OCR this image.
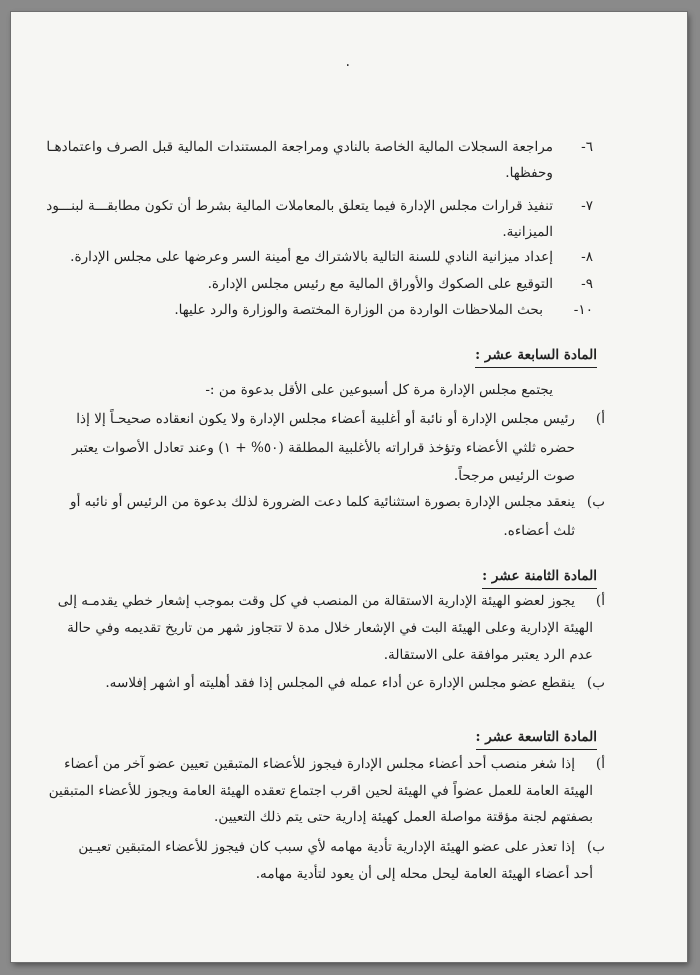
٠
٦-
مراجعة السجلات المالية الخاصة بالنادي ومراجعة المستندات المالية قبل الصرف واعتمادهـا
وحفظها.
٧-
تنفيذ قرارات مجلس الإدارة فيما يتعلق بالمعاملات المالية بشرط أن تكون مطابقـــة لبنـــود
الميزانية.
٨-
إعداد ميزانية النادي للسنة التالية بالاشتراك مع أمينة السر وعرضها على مجلس الإدارة.
٩-
التوقيع على الصكوك والأوراق المالية مع رئيس مجلس الإدارة.
١٠-
بحث الملاحظات الواردة من الوزارة المختصة والوزارة والرد عليها.
المادة السابعة عشر :
يجتمع مجلس الإدارة مرة كل أسبوعين على الأقل بدعوة من :-
أ)
رئيس مجلس الإدارة أو نائبة أو أغلبية أعضاء مجلس الإدارة ولا يكون انعقاده صحيحـاً إلا إذا
حضره ثلثي الأعضاء وتؤخذ قراراته بالأغلبية المطلقة (٥٠% + ١) وعند تعادل الأصوات يعتبر
صوت الرئيس مرجحاً.
ب)
ينعقد مجلس الإدارة بصورة استثنائية كلما دعت الضرورة لذلك بدعوة من الرئيس أو نائبه أو
ثلث أعضاءه.
المادة الثامنة عشر :
أ)
يجوز لعضو الهيئة الإدارية الاستقالة من المنصب في كل وقت بموجب إشعار خطي يقدمـه إلى
الهيئة الإدارية وعلى الهيئة البت في الإشعار خلال مدة لا تتجاوز شهر من تاريخ تقديمه وفي حالة
عدم الرد يعتبر موافقة على الاستقالة.
ب)
ينقطع عضو مجلس الإدارة عن أداء عمله في المجلس إذا فقد أهليته أو اشهر إفلاسه.
المادة التاسعة عشر :
أ)
إذا شغر منصب أحد أعضاء مجلس الإدارة فيجوز للأعضاء المتبقين تعيين عضو آخر من أعضاء
الهيئة العامة للعمل عضواً في الهيئة لحين اقرب اجتماع تعقده الهيئة العامة ويجوز للأعضاء المتبقين
بصفتهم لجنة مؤقتة مواصلة العمل كهيئة إدارية حتى يتم ذلك التعيين.
ب)
إذا تعذر على عضو الهيئة الإدارية تأدية مهامه لأي سبب كان فيجوز للأعضاء المتبقين تعيـين
أحد أعضاء الهيئة العامة ليحل محله إلى أن يعود لتأدية مهامه.
